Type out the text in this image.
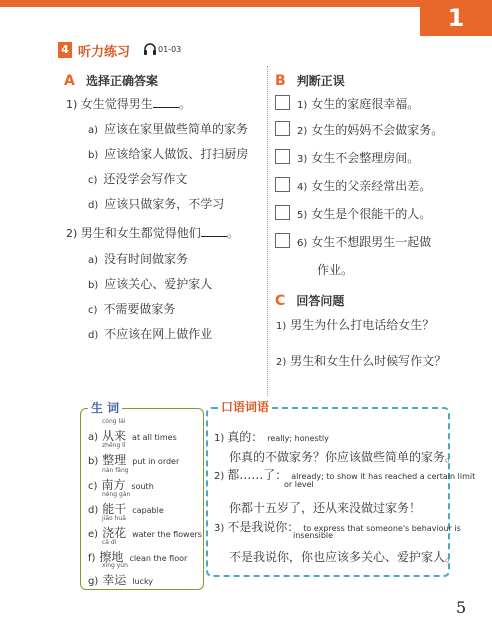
1
4 听力练习	01-03
A 选择正确答案
1) 女生觉得男生 。
a) 应该在家里做些简单的家务
b) 应该给家人做饭、打扫厨房
c) 还没学会写作文
d) 应该只做家务，不学习
2) 男生和女生都觉得他们 。
a) 没有时间做家务
b) 应该关心、爱护家人
c) 不需要做家务
d) 不应该在网上做作业
B 判断正误
1) 女生的家庭很幸福。
2) 女生的妈妈不会做家务。
3) 女生不会整理房间。
4) 女生的父亲经常出差。
5) 女生是个很能干的人。
6) 女生不想跟男生一起做
作业。
C 回答问题
1) 男生为什么打电话给女生？
2) 男生和女生什么时候写作文？
生 词
cóng lái
a) 从来 at all times
zhěng lǐ
b) 整理 put in order
nán fāng
c) 南方 south
néng gàn
d) 能干 capable
jiāo huā
e) 浇花 water the flowers
cā dì
f) 擦地 clean the floor
xìng yùn
g) 幸运 lucky
口语词语
1) 真的： really; honestly
你真的不做家务？你应该做些简单的家务。
2) 都……了： already; to show it has reached a certain limit
or level
你都十五岁了，还从来没做过家务！
3) 不是我说你： to express that someone's behaviour is
insensible
不是我说你，你也应该多关心、爱护家人。
5
